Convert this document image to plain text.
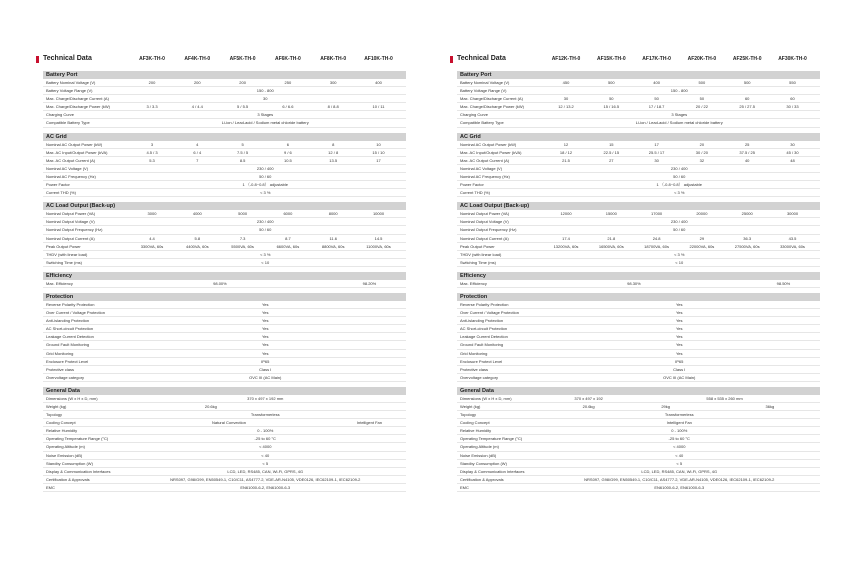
Technical Data	AF3K-TH-0	AF4K-TH-0	AF5K-TH-0	AF6K-TH-0	AF8K-TH-0	AF10K-TH-0
Battery Port
Battery Nominal Voltage (V)	200	200	200	250	300	400
Battery Voltage Range (V)	150 - 800
Max. Charge/Discharge Current (A)	30
Max. Charge/Discharge Power (kW)	3 / 3.3	4 / 4.4	5 / 5.5	6 / 6.6	8 / 8.8	10 / 11
Charging Curve	3 Stages
Compatible Battery Type	Li-ion / Lead-acid / Sodium metal chloride battery
AC Grid
Nominal AC Output Power (kW)	3	4	5	6	8	10
Max. AC Input/Output Power (kVA)	4.5 / 3	6 / 4	7.5 / 5	9 / 6	12 / 8	15 / 10
Max. AC Output Current (A)	5.3	7	8.5	10.5	13.5	17
Nominal AC Voltage (V)	230 / 400
Nominal AC Frequency (Hz)	50 / 60
Power Factor	1 （-0.8~0.8） adjustable
Current THD (%)	< 3 %
AC Load Output (Back-up)
Nominal Output Power (VA)	3000	4000	5000	6000	8000	10000
Nominal Output Voltage (V)	230 / 400
Nominal Output Frequency (Hz)	50 / 60
Nominal Output Current (A)	4.4	5.8	7.3	8.7	11.6	14.5
Peak Output Power	3300VA, 60s	4400VA, 60s	5500VA, 60s	6600VA, 60s	8800VA, 60s	11000VA, 60s
THDV (with linear load)	< 3 %
Switching Time (ms)	< 10
Efficiency
Max. Efficiency	98.00%	98.20%
Protection
Reverse Polarity Protection	Yes
Over Current / Voltage Protection	Yes
Anti-islanding Protection	Yes
AC Short-circuit Protection	Yes
Leakage Current Detection	Yes
Ground Fault Monitoring	Yes
Grid Monitoring	Yes
Enclosure Protect Level	IP65
Protective class	Class I
Overvoltage category	OVC III (AC Main)
General Data
Dimensions (W x H x D, mm)	370 x 497 x 192 mm
Weight (kg)	20.6kg
Topology	Transformerless
Cooling Concept	Natural Convection	Intelligent Fan
Relative Humidity	0 - 100%
Operating Temperature Range (°C)	-25 to 60 °C
Operating Altitude (m)	< 4000
Noise Emission (dB)	< 40
Standby Consumption (W)	< 5
Display & Communication Interfaces	LCD, LED, RS485, CAN, Wi-Fi, GPRS, 4G
Certification & Approvals	NRS097, G98/G99, EN50549-1, C10/C11, AS4777.2, VDE-AR-N4105, VDE0126, IEC62109-1, IEC62109-2
EMC	EN61000-6-2, EN61000-6-3
Technical Data	AF12K-TH-0	AF15K-TH-0	AF17K-TH-0	AF20K-TH-0	AF25K-TH-0	AF30K-TH-0
Battery Port
Battery Nominal Voltage (V)	450	500	400	500	500	550
Battery Voltage Range (V)	150 - 800
Max. Charge/Discharge Current (A)	30	50	50	50	60	60
Max. Charge/Discharge Power (kW)	12 / 13.2	15 / 16.5	17 / 18.7	20 / 22	25 / 27.5	30 / 33
Charging Curve	3 Stages
Compatible Battery Type	Li-ion / Lead-acid / Sodium metal chloride battery
AC Grid
Nominal AC Output Power (kW)	12	15	17	20	25	30
Max. AC Input/Output Power (kVA)	18 / 12	22.5 / 15	25.5 / 17	30 / 20	37.5 / 25	45 / 30
Max. AC Output Current (A)	21.5	27	30	32	40	48
Nominal AC Voltage (V)	230 / 400
Nominal AC Frequency (Hz)	50 / 60
Power Factor	1 （-0.8~0.8） adjustable
Current THD (%)	< 3 %
AC Load Output (Back-up)
Nominal Output Power (VA)	12000	15000	17000	20000	25000	30000
Nominal Output Voltage (V)	230 / 400
Nominal Output Frequency (Hz)	50 / 60
Nominal Output Current (A)	17.4	21.8	24.8	29	36.3	43.5
Peak Output Power	13200VA, 60s	16500VA, 60s	18700VA, 60s	22000VA, 60s	27500VA, 60s	33000VA, 60s
THDV (with linear load)	< 3 %
Switching Time (ms)	< 10
Efficiency
Max. Efficiency	98.30%	98.50%
Protection
Reverse Polarity Protection	Yes
Over Current / Voltage Protection	Yes
Anti-islanding Protection	Yes
AC Short-circuit Protection	Yes
Leakage Current Detection	Yes
Ground Fault Monitoring	Yes
Grid Monitoring	Yes
Enclosure Protect Level	IP65
Protective class	Class I
Overvoltage category	OVC III (AC Main)
General Data
Dimensions (W x H x D, mm)	370 x 497 x 192	558 x 535 x 260 mm
Weight (kg)	20.6kg	29kg	36kg
Topology	Transformerless
Cooling Concept	Intelligent Fan
Relative Humidity	0 - 100%
Operating Temperature Range (°C)	-25 to 60 °C
Operating Altitude (m)	< 4000
Noise Emission (dB)	< 40
Standby Consumption (W)	< 5
Display & Communication Interfaces	LCD, LED, RS485, CAN, Wi-Fi, GPRS, 4G
Certification & Approvals	NRS097, G98/G99, EN50549-1, C10/C11, AS4777.2, VDE-AR-N4105, VDE0126, IEC62109-1, IEC62109-2
EMC	EN61000-6-2, EN61000-6-3
